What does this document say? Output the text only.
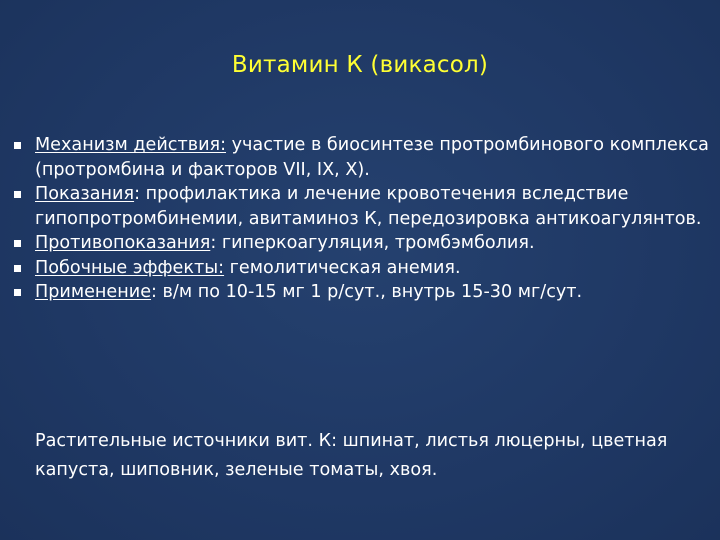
Витамин К (викасол)
Механизм действия: участие в биосинтезе протромбинового комплекса (протромбина и факторов VII, IX, X).
Показания: профилактика и лечение кровотечения вследствие гипопротромбинемии, авитаминоз К, передозировка антикоагулянтов.
Противопоказания: гиперкоагуляция, тромбэмболия.
Побочные эффекты: гемолитическая анемия.
Применение: в/м по 10-15 мг 1 р/сут., внутрь 15-30 мг/сут.

Растительные источники вит. К: шпинат, листья люцерны, цветная капуста, шиповник, зеленые томаты, хвоя.
